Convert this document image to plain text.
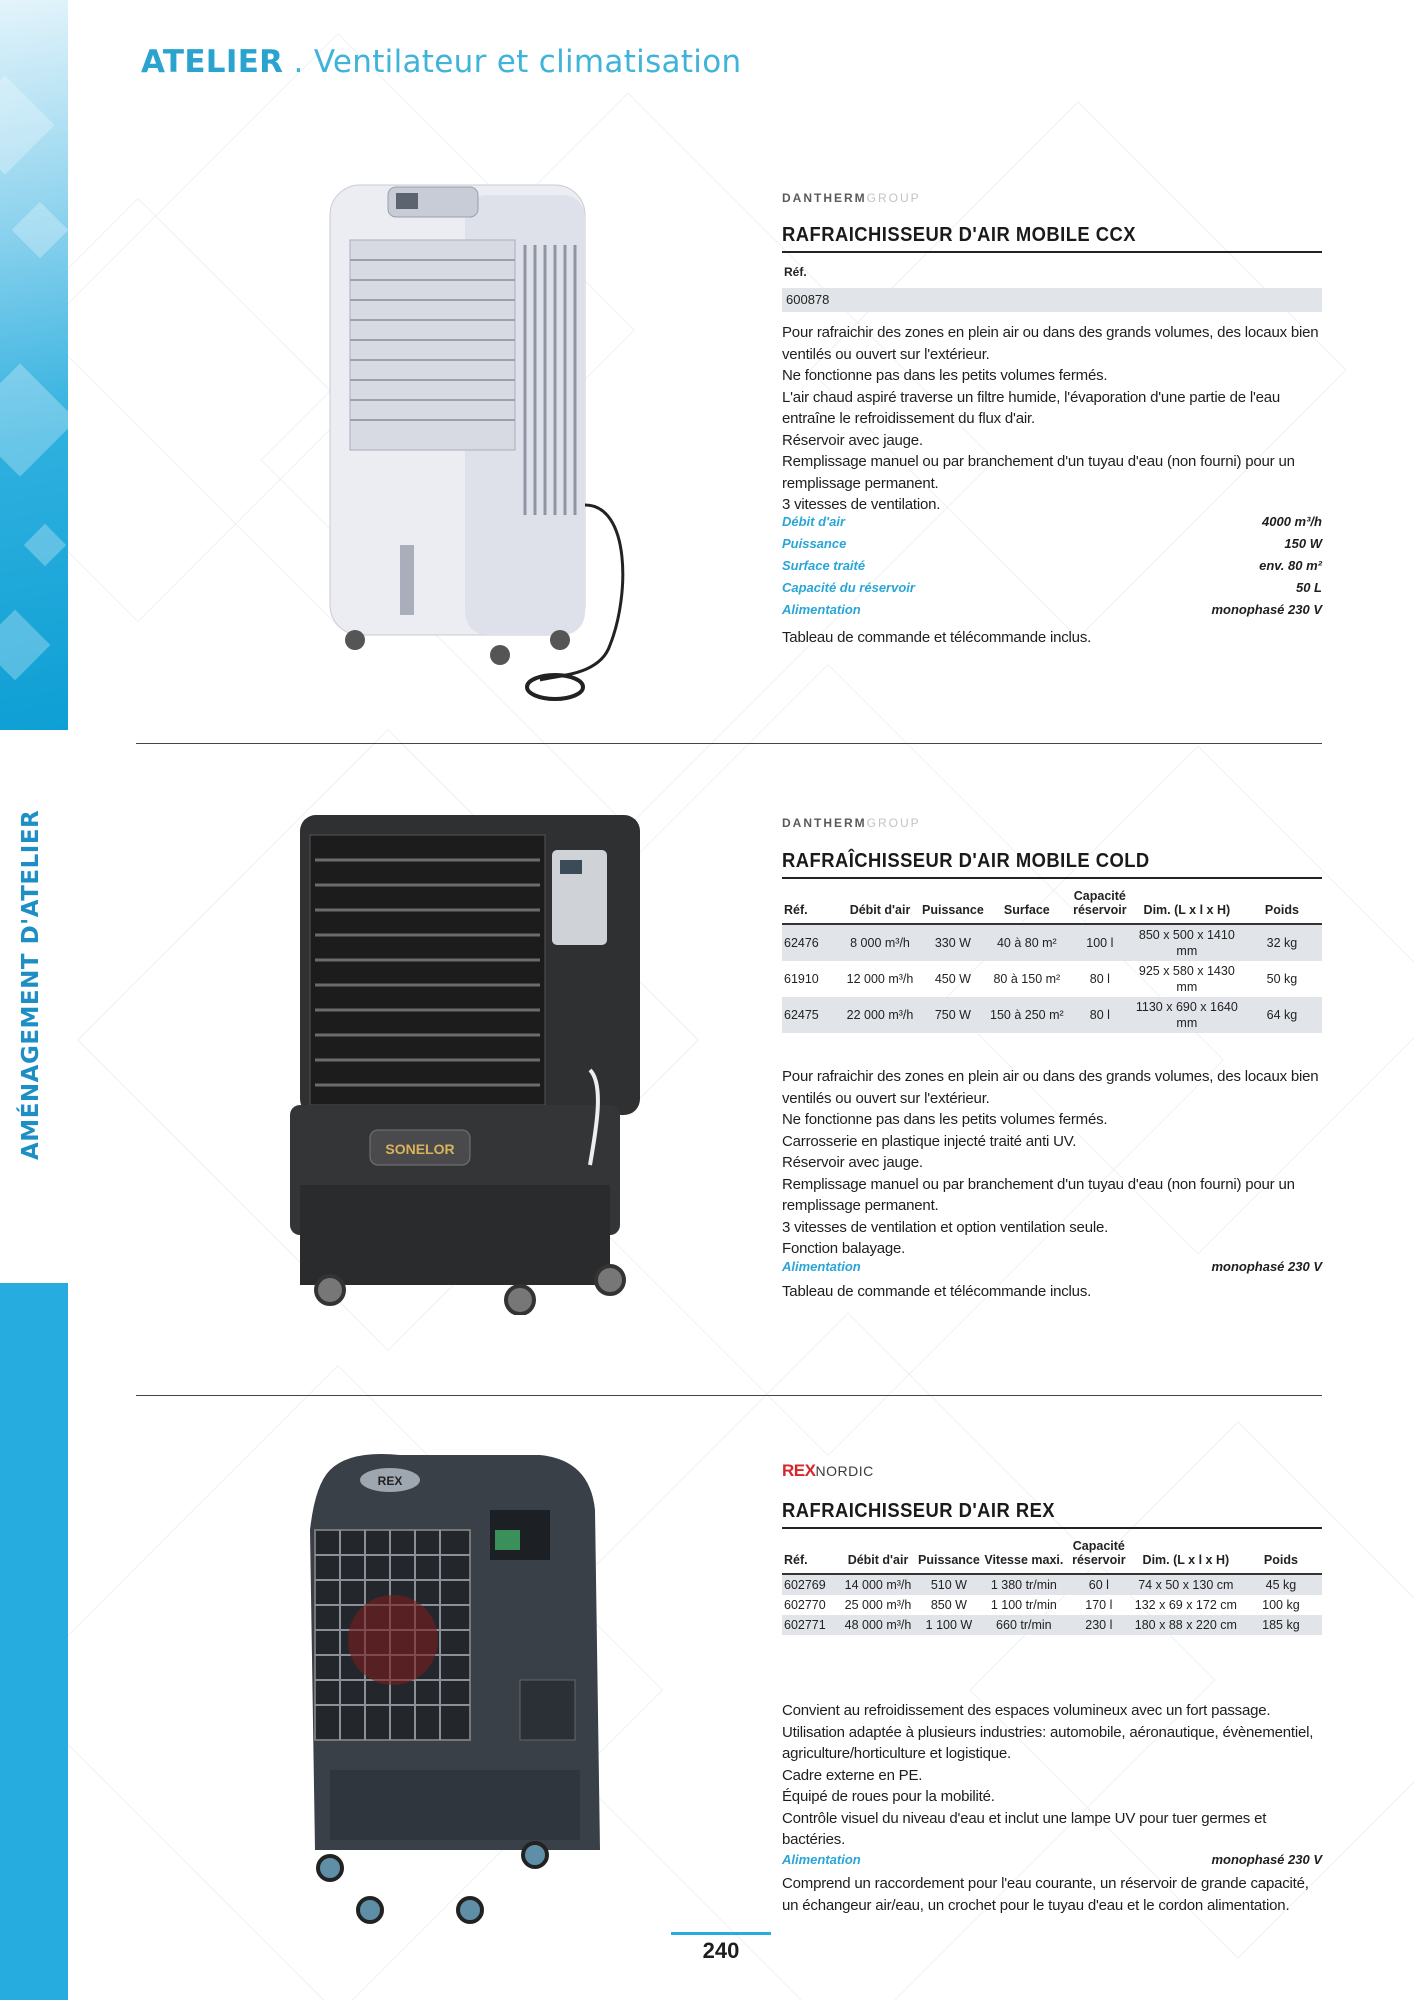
AMÉNAGEMENT D'ATELIER
ATELIER . Ventilateur et climatisation
DANTHERMGROUP
RAFRAICHISSEUR D'AIR MOBILE CCX
Réf.
600878

Pour rafraichir des zones en plein air ou dans des grands volumes, des locaux bien ventilés ou ouvert sur l'extérieur.

Ne fonctionne pas dans les petits volumes fermés.

L'air chaud aspiré traverse un filtre humide, l'évaporation d'une partie de l'eau entraîne le refroidissement du flux d'air.

Réservoir avec jauge.

Remplissage manuel ou par branchement d'un tuyau d'eau (non fourni) pour un remplissage permanent.

3 vitesses de ventilation.

Débit d'air	4000 m³/h
Puissance	150 W
Surface traité	env. 80 m²
Capacité du réservoir	50 L
Alimentation	monophasé 230 V

Tableau de commande et télécommande inclus.

SONELOR
DANTHERMGROUP
RAFRAÎCHISSEUR D'AIR MOBILE COLD
Réf.	Débit d'air	Puissance	Surface	Capacité réservoir	Dim. (L x l x H)	Poids
62476	8 000 m³/h	330 W	40 à 80 m²	100 l	850 x 500 x 1410 mm	32 kg
61910	12 000 m³/h	450 W	80 à 150 m²	80 l	925 x 580 x 1430 mm	50 kg
62475	22 000 m³/h	750 W	150 à 250 m²	80 l	1130 x 690 x 1640 mm	64 kg

Pour rafraichir des zones en plein air ou dans des grands volumes, des locaux bien ventilés ou ouvert sur l'extérieur.

Ne fonctionne pas dans les petits volumes fermés.

Carrosserie en plastique injecté traité anti UV.

Réservoir avec jauge.

Remplissage manuel ou par branchement d'un tuyau d'eau (non fourni) pour un remplissage permanent.

3 vitesses de ventilation et option ventilation seule.

Fonction balayage.

Alimentation	monophasé 230 V

Tableau de commande et télécommande inclus.

REX
REXNORDIC
RAFRAICHISSEUR D'AIR REX
Réf.	Débit d'air	Puissance	Vitesse maxi.	Capacité réservoir	Dim. (L x l x H)	Poids
602769	14 000 m³/h	510 W	1 380 tr/min	60 l	74 x 50 x 130 cm	45 kg
602770	25 000 m³/h	850 W	1 100 tr/min	170 l	132 x 69 x 172 cm	100 kg
602771	48 000 m³/h	1 100 W	660 tr/min	230 l	180 x 88 x 220 cm	185 kg

Convient au refroidissement des espaces volumineux avec un fort passage.

Utilisation adaptée à plusieurs industries: automobile, aéronautique, évènementiel, agriculture/horticulture et logistique.

Cadre externe en PE.

Équipé de roues pour la mobilité.

Contrôle visuel du niveau d'eau et inclut une lampe UV pour tuer germes et bactéries.

Alimentation	monophasé 230 V

Comprend un raccordement pour l'eau courante, un réservoir de grande capacité, un échangeur air/eau, un crochet pour le tuyau d'eau et le cordon alimentation.

240
